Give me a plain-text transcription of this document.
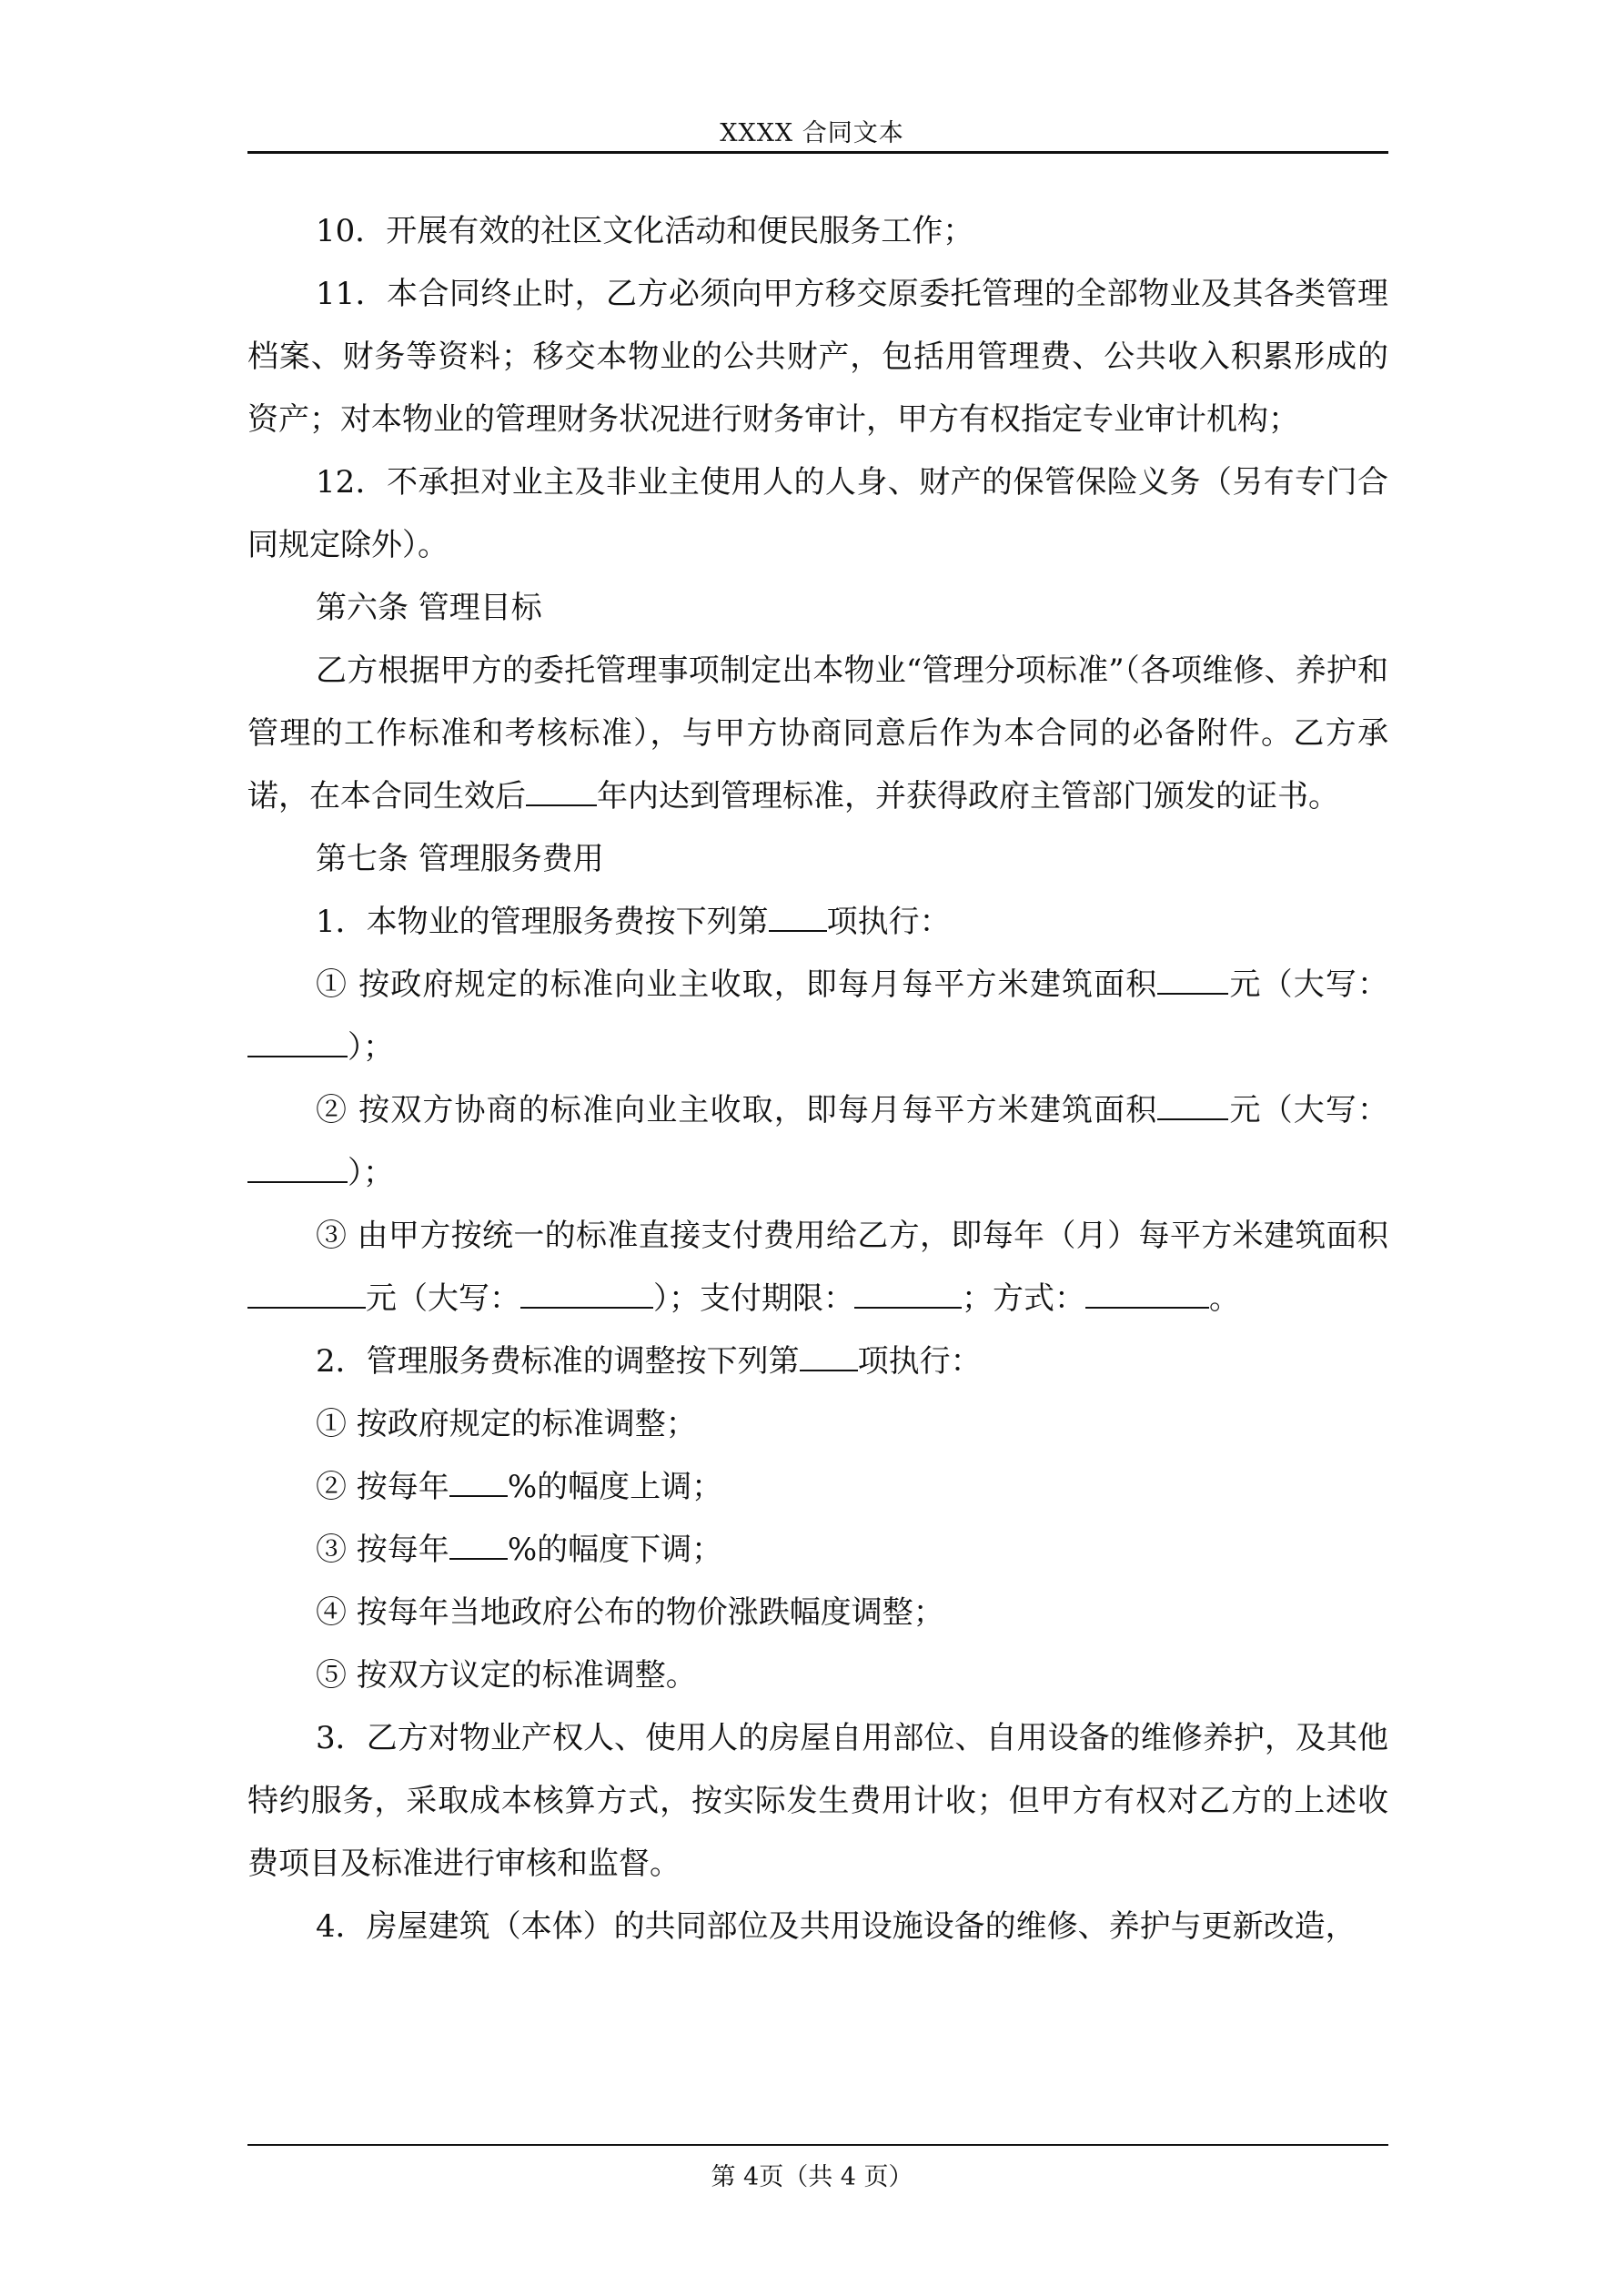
XXXX 合同文本

10．开展有效的社区文化活动和便民服务工作；

11．本合同终止时，乙方必须向甲方移交原委托管理的全部物业及其各类管理档案、财务等资料；移交本物业的公共财产，包括用管理费、公共收入积累形成的资产；对本物业的管理财务状况进行财务审计，甲方有权指定专业审计机构；

12．不承担对业主及非业主使用人的人身、财产的保管保险义务（另有专门合同规定除外）。

第六条 管理目标

乙方根据甲方的委托管理事项制定出本物业“管理分项标准”（各项维修、养护和管理的工作标准和考核标准），与甲方协商同意后作为本合同的必备附件。乙方承诺，在本合同生效后 年内达到管理标准，并获得政府主管部门颁发的证书。

第七条 管理服务费用

1．本物业的管理服务费按下列第 项执行：

① 按政府规定的标准向业主收取，即每月每平方米建筑面积 元（大写：）；

② 按双方协商的标准向业主收取，即每月每平方米建筑面积 元（大写：）；

③ 由甲方按统一的标准直接支付费用给乙方，即每年（月）每平方米建筑面积元（大写：	）；支付期限：	；方式：	。

2．管理服务费标准的调整按下列第 项执行：

① 按政府规定的标准调整；

② 按每年 %的幅度上调；

③ 按每年 %的幅度下调；

④ 按每年当地政府公布的物价涨跌幅度调整；

⑤ 按双方议定的标准调整。

3．乙方对物业产权人、使用人的房屋自用部位、自用设备的维修养护，及其他特约服务，采取成本核算方式，按实际发生费用计收；但甲方有权对乙方的上述收费项目及标准进行审核和监督。

4．房屋建筑（本体）的共同部位及共用设施设备的维修、养护与更新改造，

第 4页（共 4 页）
